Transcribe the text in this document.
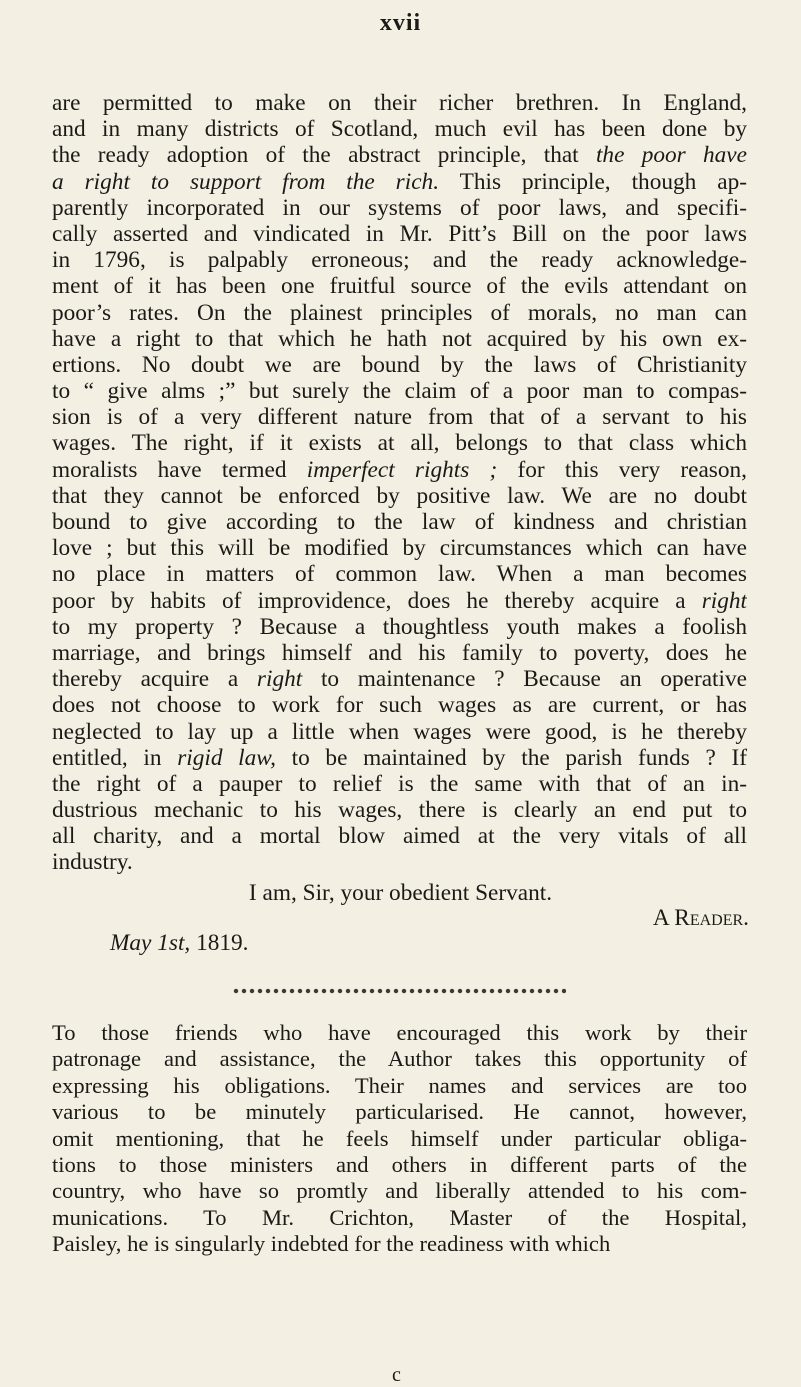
xvii
are permitted to make on their richer brethren. In England,
and in many districts of Scotland, much evil has been done by
the ready adoption of the abstract principle, that the poor have
a right to support from the rich. This principle, though ap-
parently incorporated in our systems of poor laws, and specifi-
cally asserted and vindicated in Mr. Pitt’s Bill on the poor laws
in 1796, is palpably erroneous; and the ready acknowledge-
ment of it has been one fruitful source of the evils attendant on
poor’s rates. On the plainest principles of morals, no man can
have a right to that which he hath not acquired by his own ex-
ertions. No doubt we are bound by the laws of Christianity
to “ give alms ;” but surely the claim of a poor man to compas-
sion is of a very different nature from that of a servant to his
wages. The right, if it exists at all, belongs to that class which
moralists have termed imperfect rights ; for this very reason,
that they cannot be enforced by positive law. We are no doubt
bound to give according to the law of kindness and christian
love ; but this will be modified by circumstances which can have
no place in matters of common law. When a man becomes
poor by habits of improvidence, does he thereby acquire a right
to my property ? Because a thoughtless youth makes a foolish
marriage, and brings himself and his family to poverty, does he
thereby acquire a right to maintenance ? Because an operative
does not choose to work for such wages as are current, or has
neglected to lay up a little when wages were good, is he thereby
entitled, in rigid law, to be maintained by the parish funds ? If
the right of a pauper to relief is the same with that of an in-
dustrious mechanic to his wages, there is clearly an end put to
all charity, and a mortal blow aimed at the very vitals of all
industry.
I am, Sir, your obedient Servant.
A Reader.
May 1st, 1819.
To those friends who have encouraged this work by their
patronage and assistance, the Author takes this opportunity of
expressing his obligations. Their names and services are too
various to be minutely particularised. He cannot, however,
omit mentioning, that he feels himself under particular obliga-
tions to those ministers and others in different parts of the
country, who have so promtly and liberally attended to his com-
munications. To Mr. Crichton, Master of the Hospital,
Paisley, he is singularly indebted for the readiness with which
c
